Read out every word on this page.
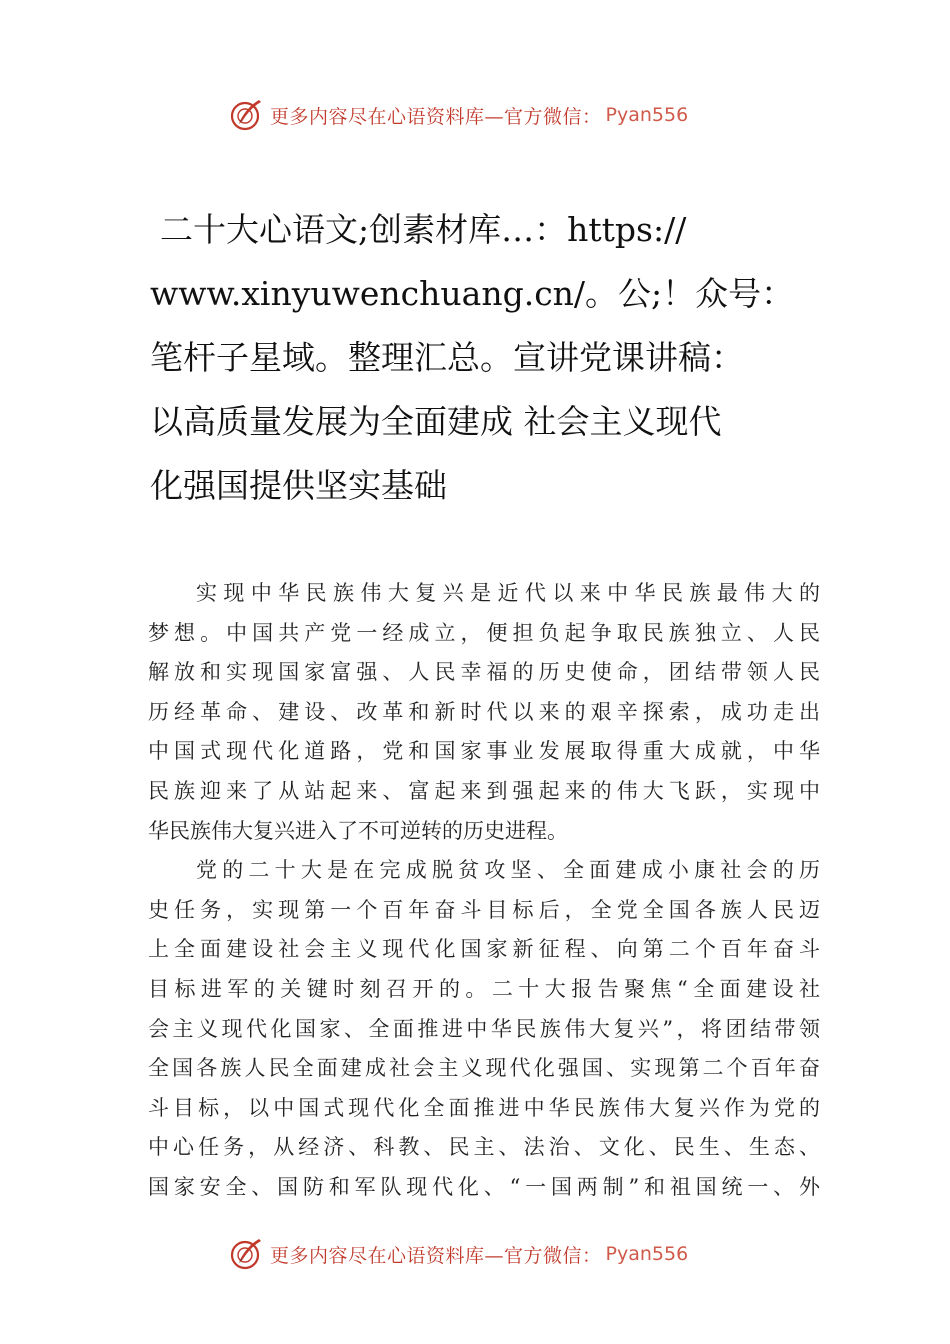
更多内容尽在心语资料库—官方微信： Pyan556
二十大心语文;创素材库…：https://
www.xinyuwenchuang.cn/。公;！众号：
笔杆子星域。整理汇总。宣讲党课讲稿：
以高质量发展为全面建成 社会主义现代
化强国提供坚实基础
实现中华民族伟大复兴是近代以来中华民族最伟大的
梦想。中国共产党一经成立，便担负起争取民族独立、人民
解放和实现国家富强、人民幸福的历史使命，团结带领人民
历经革命、建设、改革和新时代以来的艰辛探索，成功走出
中国式现代化道路，党和国家事业发展取得重大成就，中华
民族迎来了从站起来、富起来到强起来的伟大飞跃，实现中
华民族伟大复兴进入了不可逆转的历史进程。
党的二十大是在完成脱贫攻坚、全面建成小康社会的历
史任务，实现第一个百年奋斗目标后，全党全国各族人民迈
上全面建设社会主义现代化国家新征程、向第二个百年奋斗
目标进军的关键时刻召开的。二十大报告聚焦“全面建设社
会主义现代化国家、全面推进中华民族伟大复兴”，将团结带领
全国各族人民全面建成社会主义现代化强国、实现第二个百年奋
斗目标，以中国式现代化全面推进中华民族伟大复兴作为党的
中心任务，从经济、科教、民主、法治、文化、民生、生态、
国家安全、国防和军队现代化、“一国两制”和祖国统一、外
更多内容尽在心语资料库—官方微信： Pyan556
